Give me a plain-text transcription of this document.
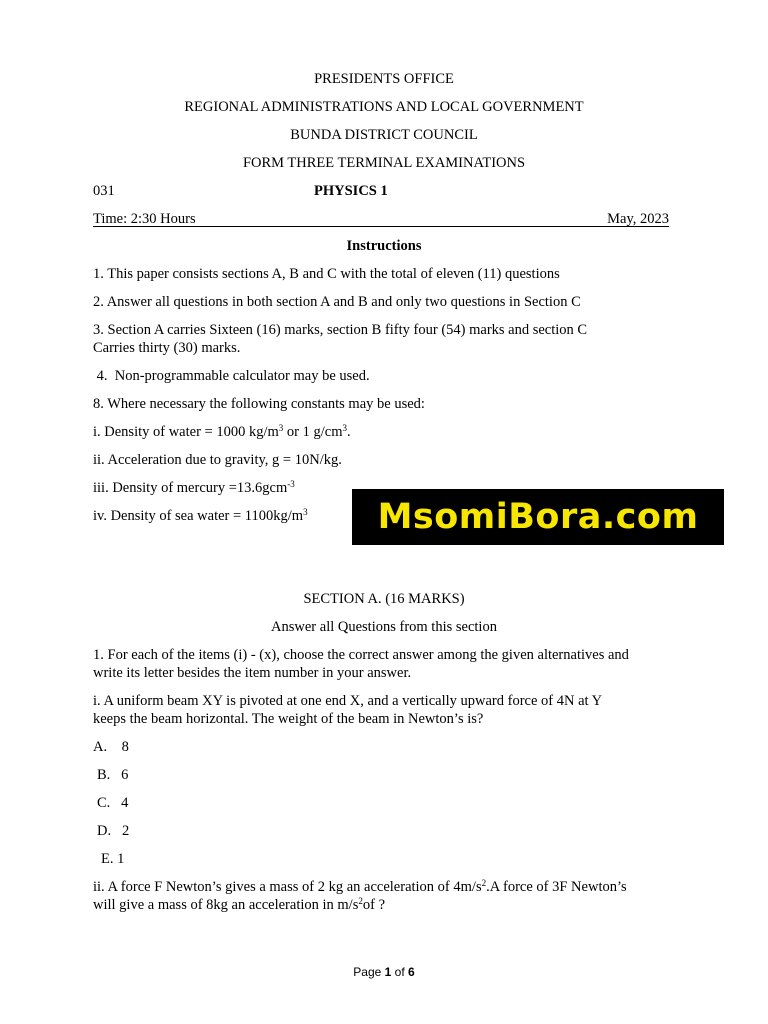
PRESIDENTS OFFICE
REGIONAL ADMINISTRATIONS AND LOCAL GOVERNMENT
BUNDA DISTRICT COUNCIL
FORM THREE TERMINAL EXAMINATIONS
031	PHYSICS 1
Time: 2:30 Hours	May, 2023
Instructions
1. This paper consists sections A, B and C with the total of eleven (11) questions
2. Answer all questions in both section A and B and only two questions in Section C
3. Section A carries Sixteen (16) marks, section B fifty four (54) marks and section C
Carries thirty (30) marks.
4.  Non-programmable calculator may be used.
8. Where necessary the following constants may be used:
i. Density of water = 1000 $kg/m^3$ or 1 $g/cm^3$.
ii. Acceleration due to gravity, g = 10N/kg.
iii. Density of mercury =13.6gcm$^{-3}$
iv. Density of sea water = $1100kg/m^3$	MsomiBora.com
SECTION A. (16 MARKS)
Answer all Questions from this section
1. For each of the items (i) - (x), choose the correct answer among the given alternatives and
write its letter besides the item number in your answer.
i. A uniform beam XY is pivoted at one end X, and a vertically upward force of 4N at Y
keeps the beam horizontal. The weight of the beam in Newton’s is?
A.    8
B.   6
C.   4
D.   2
E. 1
ii. A force F Newton’s gives a mass of 2 kg an acceleration of $4m/s^2.A$ force of 3F Newton’s
will give a mass of 8kg an acceleration in $m/s^2of$ ?
Page 1 of 6
